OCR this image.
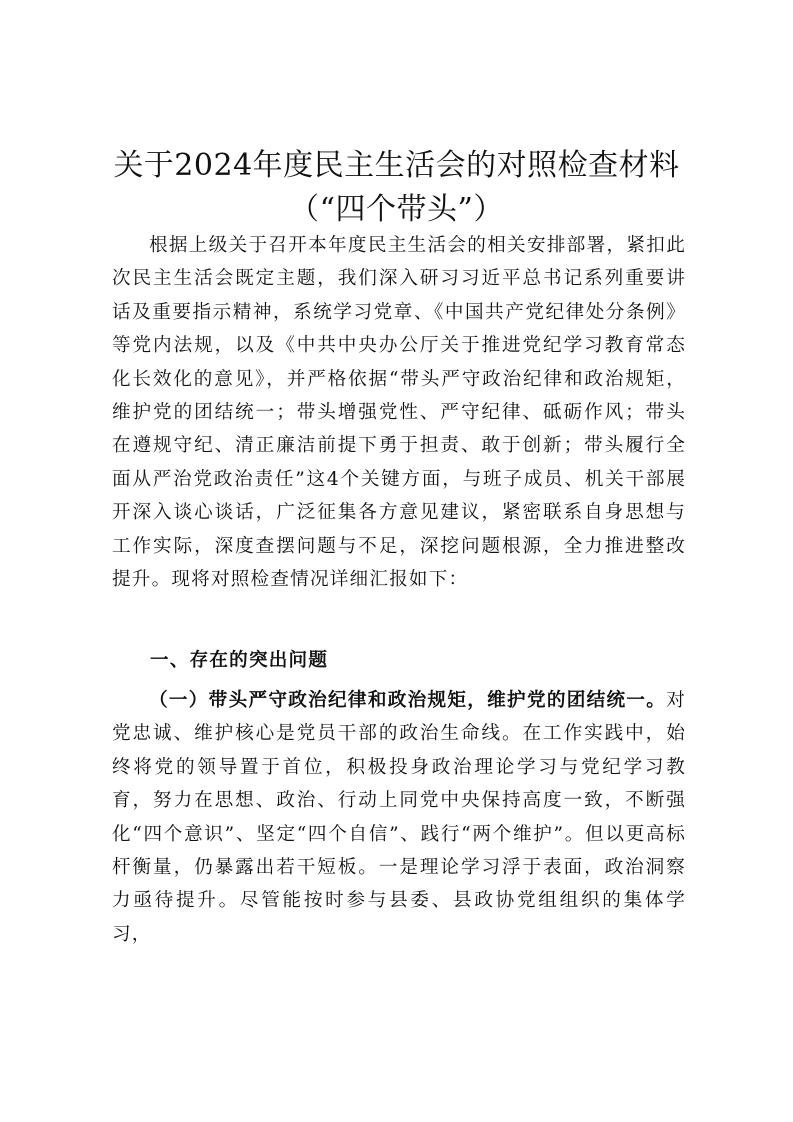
关于2024年度民主生活会的对照检查材料
（“四个带头”）

根据上级关于召开本年度民主生活会的相关安排部署，紧扣此次民主生活会既定主题，我们深入研习习近平总书记系列重要讲话及重要指示精神，系统学习党章、《中国共产党纪律处分条例》等党内法规，以及《中共中央办公厅关于推进党纪学习教育常态化长效化的意见》，并严格依据“带头严守政治纪律和政治规矩，维护党的团结统一；带头增强党性、严守纪律、砥砺作风；带头在遵规守纪、清正廉洁前提下勇于担责、敢于创新；带头履行全面从严治党政治责任”这4个关键方面，与班子成员、机关干部展开深入谈心谈话，广泛征集各方意见建议，紧密联系自身思想与工作实际，深度查摆问题与不足，深挖问题根源，全力推进整改提升。现将对照检查情况详细汇报如下：

一、存在的突出问题

（一）带头严守政治纪律和政治规矩，维护党的团结统一。对党忠诚、维护核心是党员干部的政治生命线。在工作实践中，始终将党的领导置于首位，积极投身政治理论学习与党纪学习教育，努力在思想、政治、行动上同党中央保持高度一致，不断强化“四个意识”、坚定“四个自信”、践行“两个维护”。但以更高标杆衡量，仍暴露出若干短板。一是理论学习浮于表面，政治洞察力亟待提升。尽管能按时参与县委、县政协党组组织的集体学习，
